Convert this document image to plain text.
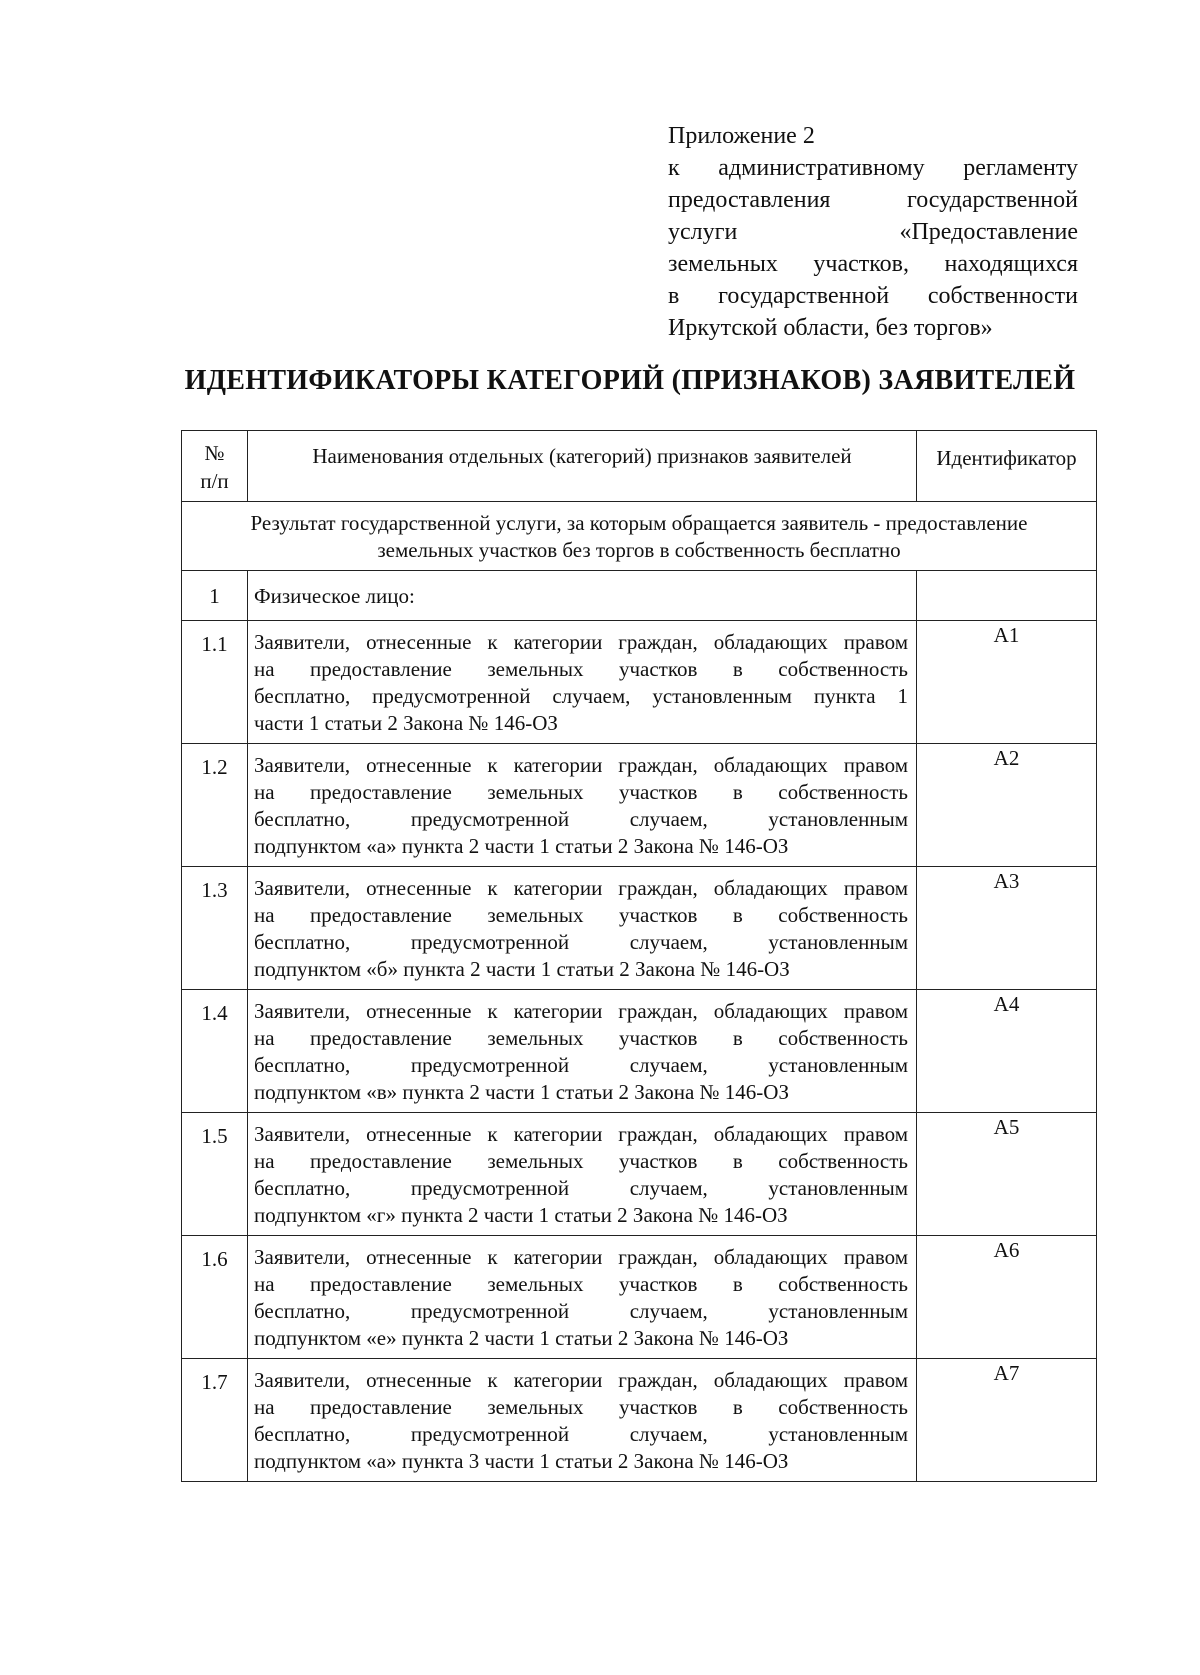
Приложение 2
к административному регламенту
предоставления государственной
услуги «Предоставление
земельных участков, находящихся
в государственной собственности
Иркутской области, без торгов»
ИДЕНТИФИКАТОРЫ КАТЕГОРИЙ (ПРИЗНАКОВ) ЗАЯВИТЕЛЕЙ
№
п/п	Наименования отдельных (категорий) признаков заявителей	Идентификатор

Результат государственной услуги, за которым обращается заявитель - предоставление
земельных участков без торгов в собственность бесплатно		

1	Физическое лицо:	
1.1	Заявители, отнесенные к категории граждан, обладающих правом
на предоставление земельных участков в собственность
бесплатно, предусмотренной случаем, установленным пункта 1
части 1 статьи 2 Закона № 146-ОЗ	А1
1.2	Заявители, отнесенные к категории граждан, обладающих правом
на предоставление земельных участков в собственность
бесплатно, предусмотренной случаем, установленным
подпунктом «а» пункта 2 части 1 статьи 2 Закона № 146-ОЗ	А2
1.3	Заявители, отнесенные к категории граждан, обладающих правом
на предоставление земельных участков в собственность
бесплатно, предусмотренной случаем, установленным
подпунктом «б» пункта 2 части 1 статьи 2 Закона № 146-ОЗ	А3
1.4	Заявители, отнесенные к категории граждан, обладающих правом
на предоставление земельных участков в собственность
бесплатно, предусмотренной случаем, установленным
подпунктом «в» пункта 2 части 1 статьи 2 Закона № 146-ОЗ	А4
1.5	Заявители, отнесенные к категории граждан, обладающих правом
на предоставление земельных участков в собственность
бесплатно, предусмотренной случаем, установленным
подпунктом «г» пункта 2 части 1 статьи 2 Закона № 146-ОЗ	А5
1.6	Заявители, отнесенные к категории граждан, обладающих правом
на предоставление земельных участков в собственность
бесплатно, предусмотренной случаем, установленным
подпунктом «е» пункта 2 части 1 статьи 2 Закона № 146-ОЗ	А6
1.7	Заявители, отнесенные к категории граждан, обладающих правом
на предоставление земельных участков в собственность
бесплатно, предусмотренной случаем, установленным
подпунктом «а» пункта 3 части 1 статьи 2 Закона № 146-ОЗ	А7
